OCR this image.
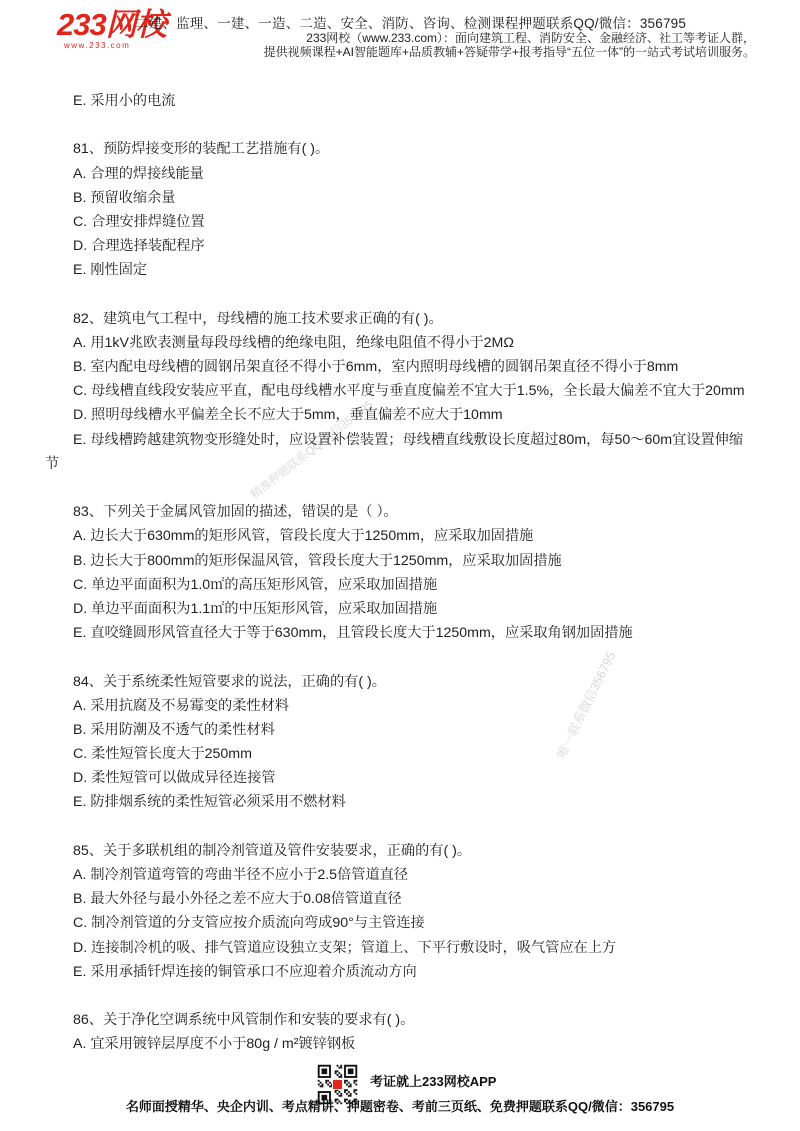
233网校
www.233.com
二建、监理、一建、一造、二造、安全、消防、咨询、检测课程押题联系QQ/微信：356795
233网校（www.233.com）：面向建筑工程、消防安全、金融经济、社工等考证人群，
提供视频课程+AI智能题库+品质教辅+答疑带学+报考指导“五位一体”的一站式考试培训服务。
精准押题联系QQ/微信356795
唯一联系微信356795

E. 采用小的电流

81、预防焊接变形的装配工艺措施有( )。

A. 合理的焊接线能量

B. 预留收缩余量

C. 合理安排焊缝位置

D. 合理选择装配程序

E. 刚性固定

82、建筑电气工程中，母线槽的施工技术要求正确的有( )。

A. 用1kV兆欧表测量每段母线槽的绝缘电阻，绝缘电阻值不得小于2MΩ

B. 室内配电母线槽的圆钢吊架直径不得小于6mm，室内照明母线槽的圆钢吊架直径不得小于8mm

C. 母线槽直线段安装应平直，配电母线槽水平度与垂直度偏差不宜大于1.5%，全长最大偏差不宜大于20mm

D. 照明母线槽水平偏差全长不应大于5mm，垂直偏差不应大于10mm

E. 母线槽跨越建筑物变形缝处时，应设置补偿装置；母线槽直线敷设长度超过80m，每50～60m宜设置伸缩

节

83、下列关于金属风管加固的描述，错误的是（ ）。

A. 边长大于630mm的矩形风管，管段长度大于1250mm，应采取加固措施

B. 边长大于800mm的矩形保温风管，管段长度大于1250mm，应采取加固措施

C. 单边平面面积为1.0㎡的高压矩形风管，应采取加固措施

D. 单边平面面积为1.1㎡的中压矩形风管，应采取加固措施

E. 直咬缝圆形风管直径大于等于630mm，且管段长度大于1250mm，应采取角钢加固措施

84、关于系统柔性短管要求的说法，正确的有( )。

A. 采用抗腐及不易霉变的柔性材料

B. 采用防潮及不透气的柔性材料

C. 柔性短管长度大于250mm

D. 柔性短管可以做成异径连接管

E. 防排烟系统的柔性短管必须采用不燃材料

85、关于多联机组的制冷剂管道及管件安装要求，正确的有( )。

A. 制冷剂管道弯管的弯曲半径不应小于2.5倍管道直径

B. 最大外径与最小外径之差不应大于0.08倍管道直径

C. 制冷剂管道的分支管应按介质流向弯成90°与主管连接

D. 连接制冷机的吸、排气管道应设独立支架；管道上、下平行敷设时，吸气管应在上方

E. 采用承插钎焊连接的铜管承口不应迎着介质流动方向

86、关于净化空调系统中风管制作和安装的要求有( )。

A. 宜采用镀锌层厚度不小于80g / m²镀锌钢板

考证就上233网校APP
名师面授精华、央企内训、考点精讲、押题密卷、考前三页纸、免费押题联系QQ/微信：356795
